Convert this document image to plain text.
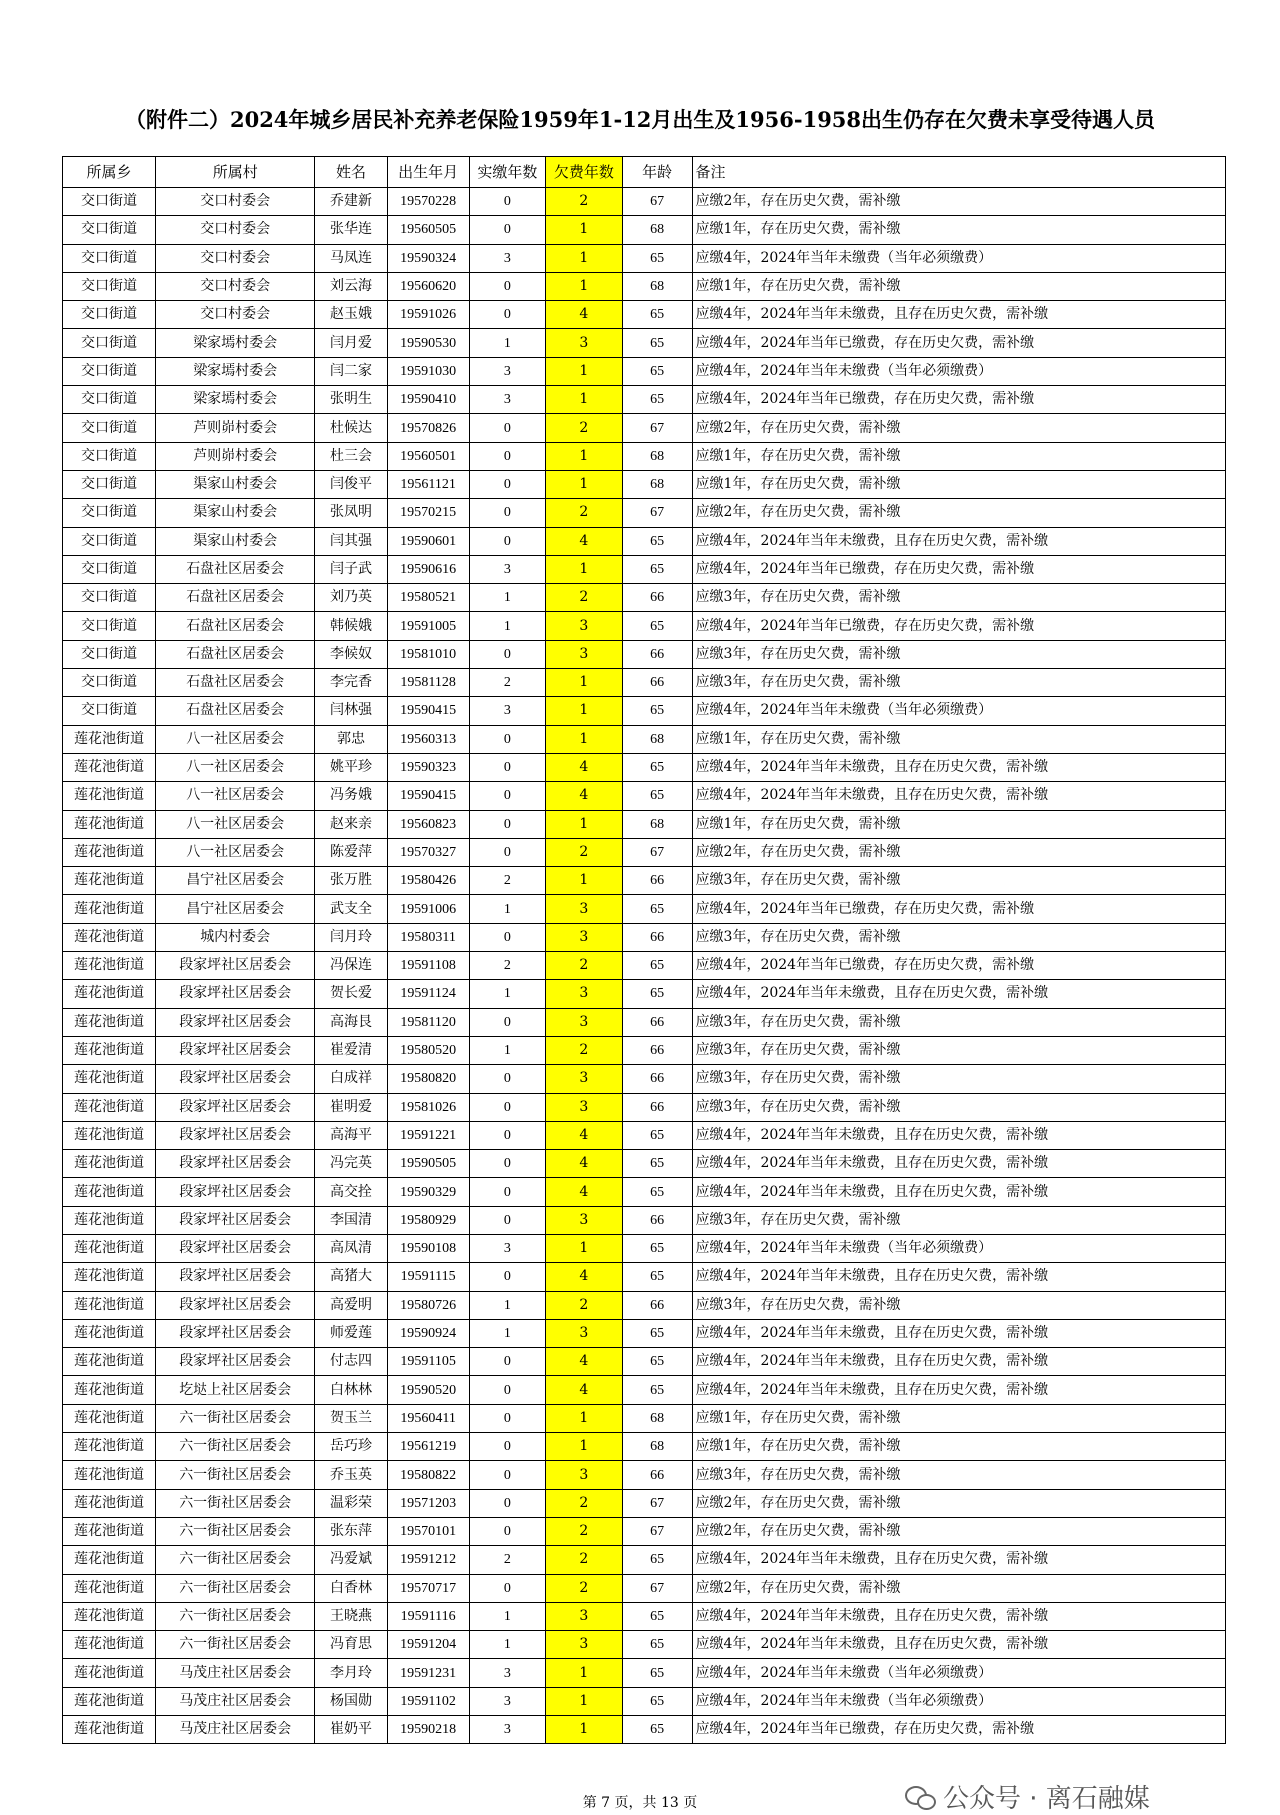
（附件二）2024年城乡居民补充养老保险1959年1-12月出生及1956-1958出生仍存在欠费未享受待遇人员
所属乡	所属村	姓名	出生年月	实缴年数	欠费年数	年龄	备注
交口街道	交口村委会	乔建新	19570228	0	2	67	应缴2年，存在历史欠费，需补缴
交口街道	交口村委会	张华连	19560505	0	1	68	应缴1年，存在历史欠费，需补缴
交口街道	交口村委会	马凤连	19590324	3	1	65	应缴4年，2024年当年未缴费（当年必须缴费）
交口街道	交口村委会	刘云海	19560620	0	1	68	应缴1年，存在历史欠费，需补缴
交口街道	交口村委会	赵玉娥	19591026	0	4	65	应缴4年，2024年当年未缴费，且存在历史欠费，需补缴
交口街道	梁家墕村委会	闫月爱	19590530	1	3	65	应缴4年，2024年当年已缴费，存在历史欠费，需补缴
交口街道	梁家墕村委会	闫二家	19591030	3	1	65	应缴4年，2024年当年未缴费（当年必须缴费）
交口街道	梁家墕村委会	张明生	19590410	3	1	65	应缴4年，2024年当年已缴费，存在历史欠费，需补缴
交口街道	芦则峁村委会	杜候达	19570826	0	2	67	应缴2年，存在历史欠费，需补缴
交口街道	芦则峁村委会	杜三会	19560501	0	1	68	应缴1年，存在历史欠费，需补缴
交口街道	渠家山村委会	闫俊平	19561121	0	1	68	应缴1年，存在历史欠费，需补缴
交口街道	渠家山村委会	张凤明	19570215	0	2	67	应缴2年，存在历史欠费，需补缴
交口街道	渠家山村委会	闫其强	19590601	0	4	65	应缴4年，2024年当年未缴费，且存在历史欠费，需补缴
交口街道	石盘社区居委会	闫子武	19590616	3	1	65	应缴4年，2024年当年已缴费，存在历史欠费，需补缴
交口街道	石盘社区居委会	刘乃英	19580521	1	2	66	应缴3年，存在历史欠费，需补缴
交口街道	石盘社区居委会	韩候娥	19591005	1	3	65	应缴4年，2024年当年已缴费，存在历史欠费，需补缴
交口街道	石盘社区居委会	李候奴	19581010	0	3	66	应缴3年，存在历史欠费，需补缴
交口街道	石盘社区居委会	李完香	19581128	2	1	66	应缴3年，存在历史欠费，需补缴
交口街道	石盘社区居委会	闫林强	19590415	3	1	65	应缴4年，2024年当年未缴费（当年必须缴费）
莲花池街道	八一社区居委会	郭忠	19560313	0	1	68	应缴1年，存在历史欠费，需补缴
莲花池街道	八一社区居委会	姚平珍	19590323	0	4	65	应缴4年，2024年当年未缴费，且存在历史欠费，需补缴
莲花池街道	八一社区居委会	冯务娥	19590415	0	4	65	应缴4年，2024年当年未缴费，且存在历史欠费，需补缴
莲花池街道	八一社区居委会	赵来亲	19560823	0	1	68	应缴1年，存在历史欠费，需补缴
莲花池街道	八一社区居委会	陈爱萍	19570327	0	2	67	应缴2年，存在历史欠费，需补缴
莲花池街道	昌宁社区居委会	张万胜	19580426	2	1	66	应缴3年，存在历史欠费，需补缴
莲花池街道	昌宁社区居委会	武支全	19591006	1	3	65	应缴4年，2024年当年已缴费，存在历史欠费，需补缴
莲花池街道	城内村委会	闫月玲	19580311	0	3	66	应缴3年，存在历史欠费，需补缴
莲花池街道	段家坪社区居委会	冯保连	19591108	2	2	65	应缴4年，2024年当年已缴费，存在历史欠费，需补缴
莲花池街道	段家坪社区居委会	贺长爱	19591124	1	3	65	应缴4年，2024年当年未缴费，且存在历史欠费，需补缴
莲花池街道	段家坪社区居委会	高海艮	19581120	0	3	66	应缴3年，存在历史欠费，需补缴
莲花池街道	段家坪社区居委会	崔爱清	19580520	1	2	66	应缴3年，存在历史欠费，需补缴
莲花池街道	段家坪社区居委会	白成祥	19580820	0	3	66	应缴3年，存在历史欠费，需补缴
莲花池街道	段家坪社区居委会	崔明爱	19581026	0	3	66	应缴3年，存在历史欠费，需补缴
莲花池街道	段家坪社区居委会	高海平	19591221	0	4	65	应缴4年，2024年当年未缴费，且存在历史欠费，需补缴
莲花池街道	段家坪社区居委会	冯完英	19590505	0	4	65	应缴4年，2024年当年未缴费，且存在历史欠费，需补缴
莲花池街道	段家坪社区居委会	高交拴	19590329	0	4	65	应缴4年，2024年当年未缴费，且存在历史欠费，需补缴
莲花池街道	段家坪社区居委会	李国清	19580929	0	3	66	应缴3年，存在历史欠费，需补缴
莲花池街道	段家坪社区居委会	高凤清	19590108	3	1	65	应缴4年，2024年当年未缴费（当年必须缴费）
莲花池街道	段家坪社区居委会	高猪大	19591115	0	4	65	应缴4年，2024年当年未缴费，且存在历史欠费，需补缴
莲花池街道	段家坪社区居委会	高爱明	19580726	1	2	66	应缴3年，存在历史欠费，需补缴
莲花池街道	段家坪社区居委会	师爱莲	19590924	1	3	65	应缴4年，2024年当年未缴费，且存在历史欠费，需补缴
莲花池街道	段家坪社区居委会	付志四	19591105	0	4	65	应缴4年，2024年当年未缴费，且存在历史欠费，需补缴
莲花池街道	圪垯上社区居委会	白林林	19590520	0	4	65	应缴4年，2024年当年未缴费，且存在历史欠费，需补缴
莲花池街道	六一街社区居委会	贺玉兰	19560411	0	1	68	应缴1年，存在历史欠费，需补缴
莲花池街道	六一街社区居委会	岳巧珍	19561219	0	1	68	应缴1年，存在历史欠费，需补缴
莲花池街道	六一街社区居委会	乔玉英	19580822	0	3	66	应缴3年，存在历史欠费，需补缴
莲花池街道	六一街社区居委会	温彩荣	19571203	0	2	67	应缴2年，存在历史欠费，需补缴
莲花池街道	六一街社区居委会	张东萍	19570101	0	2	67	应缴2年，存在历史欠费，需补缴
莲花池街道	六一街社区居委会	冯爱斌	19591212	2	2	65	应缴4年，2024年当年未缴费，且存在历史欠费，需补缴
莲花池街道	六一街社区居委会	白香林	19570717	0	2	67	应缴2年，存在历史欠费，需补缴
莲花池街道	六一街社区居委会	王晓燕	19591116	1	3	65	应缴4年，2024年当年未缴费，且存在历史欠费，需补缴
莲花池街道	六一街社区居委会	冯育思	19591204	1	3	65	应缴4年，2024年当年未缴费，且存在历史欠费，需补缴
莲花池街道	马茂庄社区居委会	李月玲	19591231	3	1	65	应缴4年，2024年当年未缴费（当年必须缴费）
莲花池街道	马茂庄社区居委会	杨国勋	19591102	3	1	65	应缴4年，2024年当年未缴费（当年必须缴费）
莲花池街道	马茂庄社区居委会	崔奶平	19590218	3	1	65	应缴4年，2024年当年已缴费，存在历史欠费，需补缴
第 7 页，共 13 页	公众号 · 离石融媒
